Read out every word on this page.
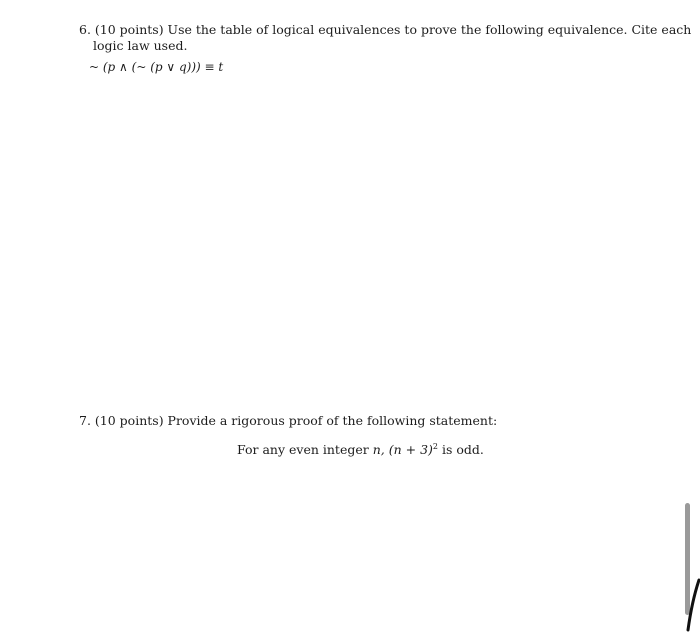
6. (10 points) Use the table of logical equivalences to prove the following equivalence. Cite each
logic law used.
~ (p ∧ (~ (p ∨ q))) ≡ t
7. (10 points) Provide a rigorous proof of the following statement:
For any even integer n, $(n + 3)^2$ is odd.
